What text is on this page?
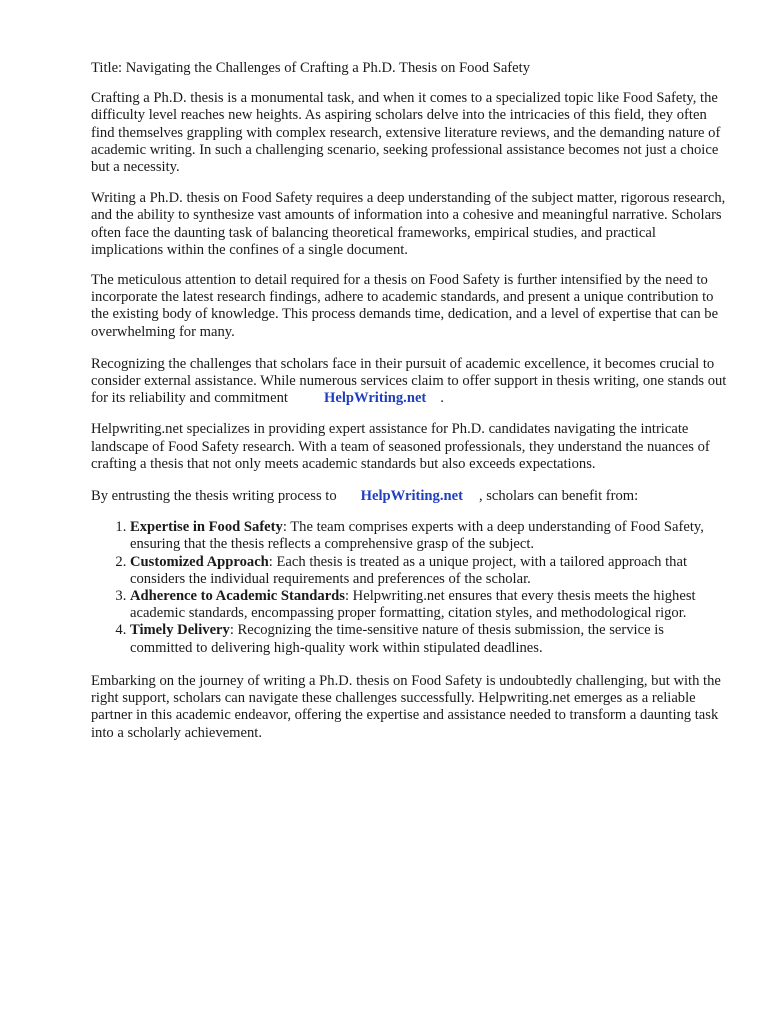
Title: Navigating the Challenges of Crafting a Ph.D. Thesis on Food Safety

Crafting a Ph.D. thesis is a monumental task, and when it comes to a specialized topic like Food Safety, the difficulty level reaches new heights. As aspiring scholars delve into the intricacies of this field, they often find themselves grappling with complex research, extensive literature reviews, and the demanding nature of academic writing. In such a challenging scenario, seeking professional assistance becomes not just a choice but a necessity.

Writing a Ph.D. thesis on Food Safety requires a deep understanding of the subject matter, rigorous research, and the ability to synthesize vast amounts of information into a cohesive and meaningful narrative. Scholars often face the daunting task of balancing theoretical frameworks, empirical studies, and practical implications within the confines of a single document.

The meticulous attention to detail required for a thesis on Food Safety is further intensified by the need to incorporate the latest research findings, adhere to academic standards, and present a unique contribution to the existing body of knowledge. This process demands time, dedication, and a level of expertise that can be overwhelming for many.

Recognizing the challenges that scholars face in their pursuit of academic excellence, it becomes crucial to consider external assistance. While numerous services claim to offer support in thesis writing, one stands out for its reliability and commitment HelpWriting.net .

Helpwriting.net specializes in providing expert assistance for Ph.D. candidates navigating the intricate landscape of Food Safety research. With a team of seasoned professionals, they understand the nuances of crafting a thesis that not only meets academic standards but also exceeds expectations.

By entrusting the thesis writing process to HelpWriting.net , scholars can benefit from:

1. Expertise in Food Safety: The team comprises experts with a deep understanding of Food Safety, ensuring that the thesis reflects a comprehensive grasp of the subject.
2. Customized Approach: Each thesis is treated as a unique project, with a tailored approach that considers the individual requirements and preferences of the scholar.
3. Adherence to Academic Standards: Helpwriting.net ensures that every thesis meets the highest academic standards, encompassing proper formatting, citation styles, and methodological rigor.
4. Timely Delivery: Recognizing the time-sensitive nature of thesis submission, the service is committed to delivering high-quality work within stipulated deadlines.

Embarking on the journey of writing a Ph.D. thesis on Food Safety is undoubtedly challenging, but with the right support, scholars can navigate these challenges successfully. Helpwriting.net emerges as a reliable partner in this academic endeavor, offering the expertise and assistance needed to transform a daunting task into a scholarly achievement.
